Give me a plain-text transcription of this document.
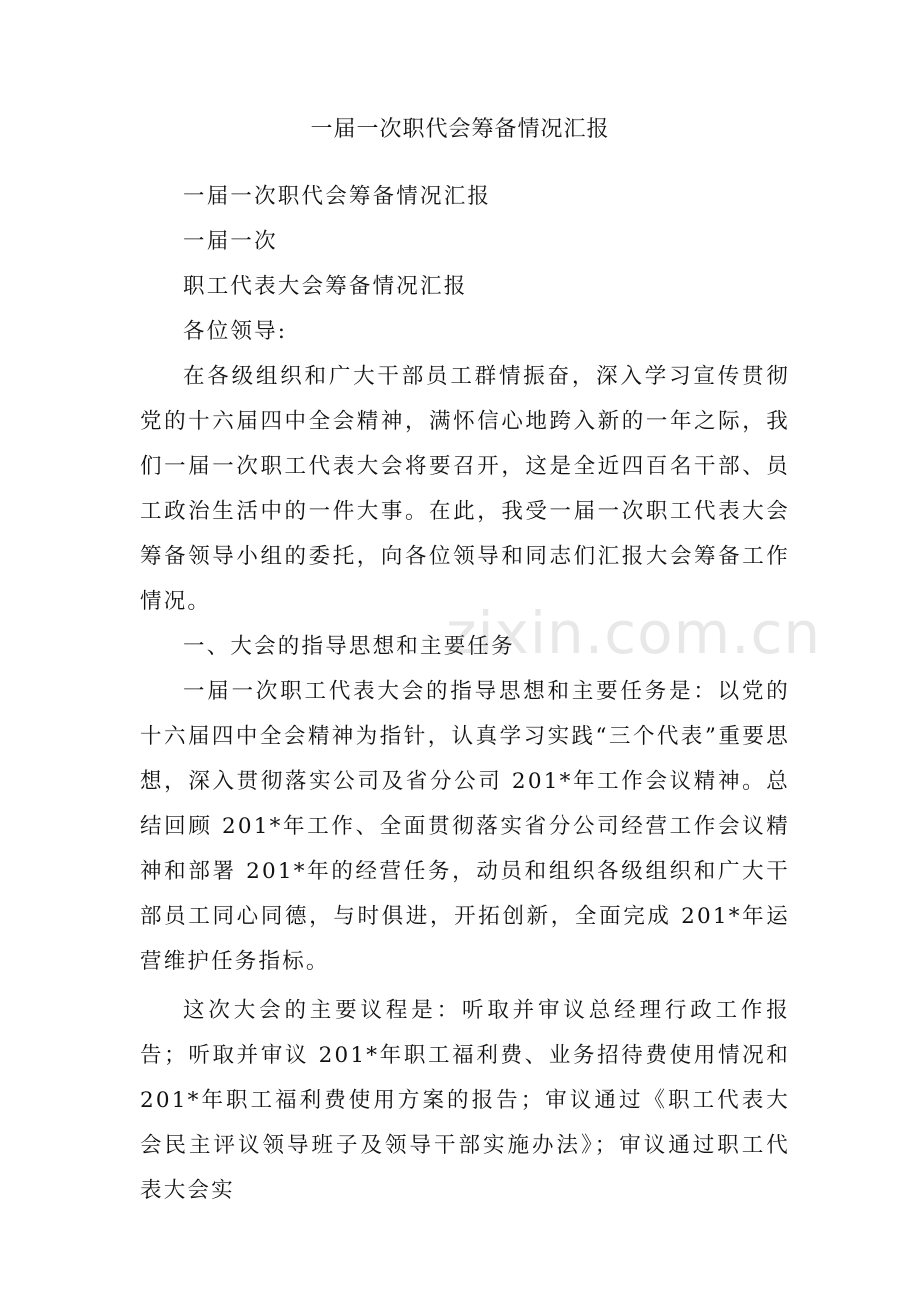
一届一次职代会筹备情况汇报

一届一次职代会筹备情况汇报

一届一次

职工代表大会筹备情况汇报

各位领导:

在各级组织和广大干部员工群情振奋，深入学习宣传贯彻党的十六届四中全会精神，满怀信心地跨入新的一年之际，我们一届一次职工代表大会将要召开，这是全近四百名干部、员工政治生活中的一件大事。在此，我受一届一次职工代表大会筹备领导小组的委托，向各位领导和同志们汇报大会筹备工作情况。

一、大会的指导思想和主要任务

一届一次职工代表大会的指导思想和主要任务是：以党的十六届四中全会精神为指针，认真学习实践“三个代表”重要思想，深入贯彻落实公司及省分公司 201*年工作会议精神。总结回顾 201*年工作、全面贯彻落实省分公司经营工作会议精神和部署 201*年的经营任务，动员和组织各级组织和广大干部员工同心同德，与时俱进，开拓创新，全面完成 201*年运营维护任务指标。

这次大会的主要议程是：听取并审议总经理行政工作报告；听取并审议 201*年职工福利费、业务招待费使用情况和 201*年职工福利费使用方案的报告；审议通过《职工代表大会民主评议领导班子及领导干部实施办法》；审议通过职工代表大会实

zixin.com.cn
